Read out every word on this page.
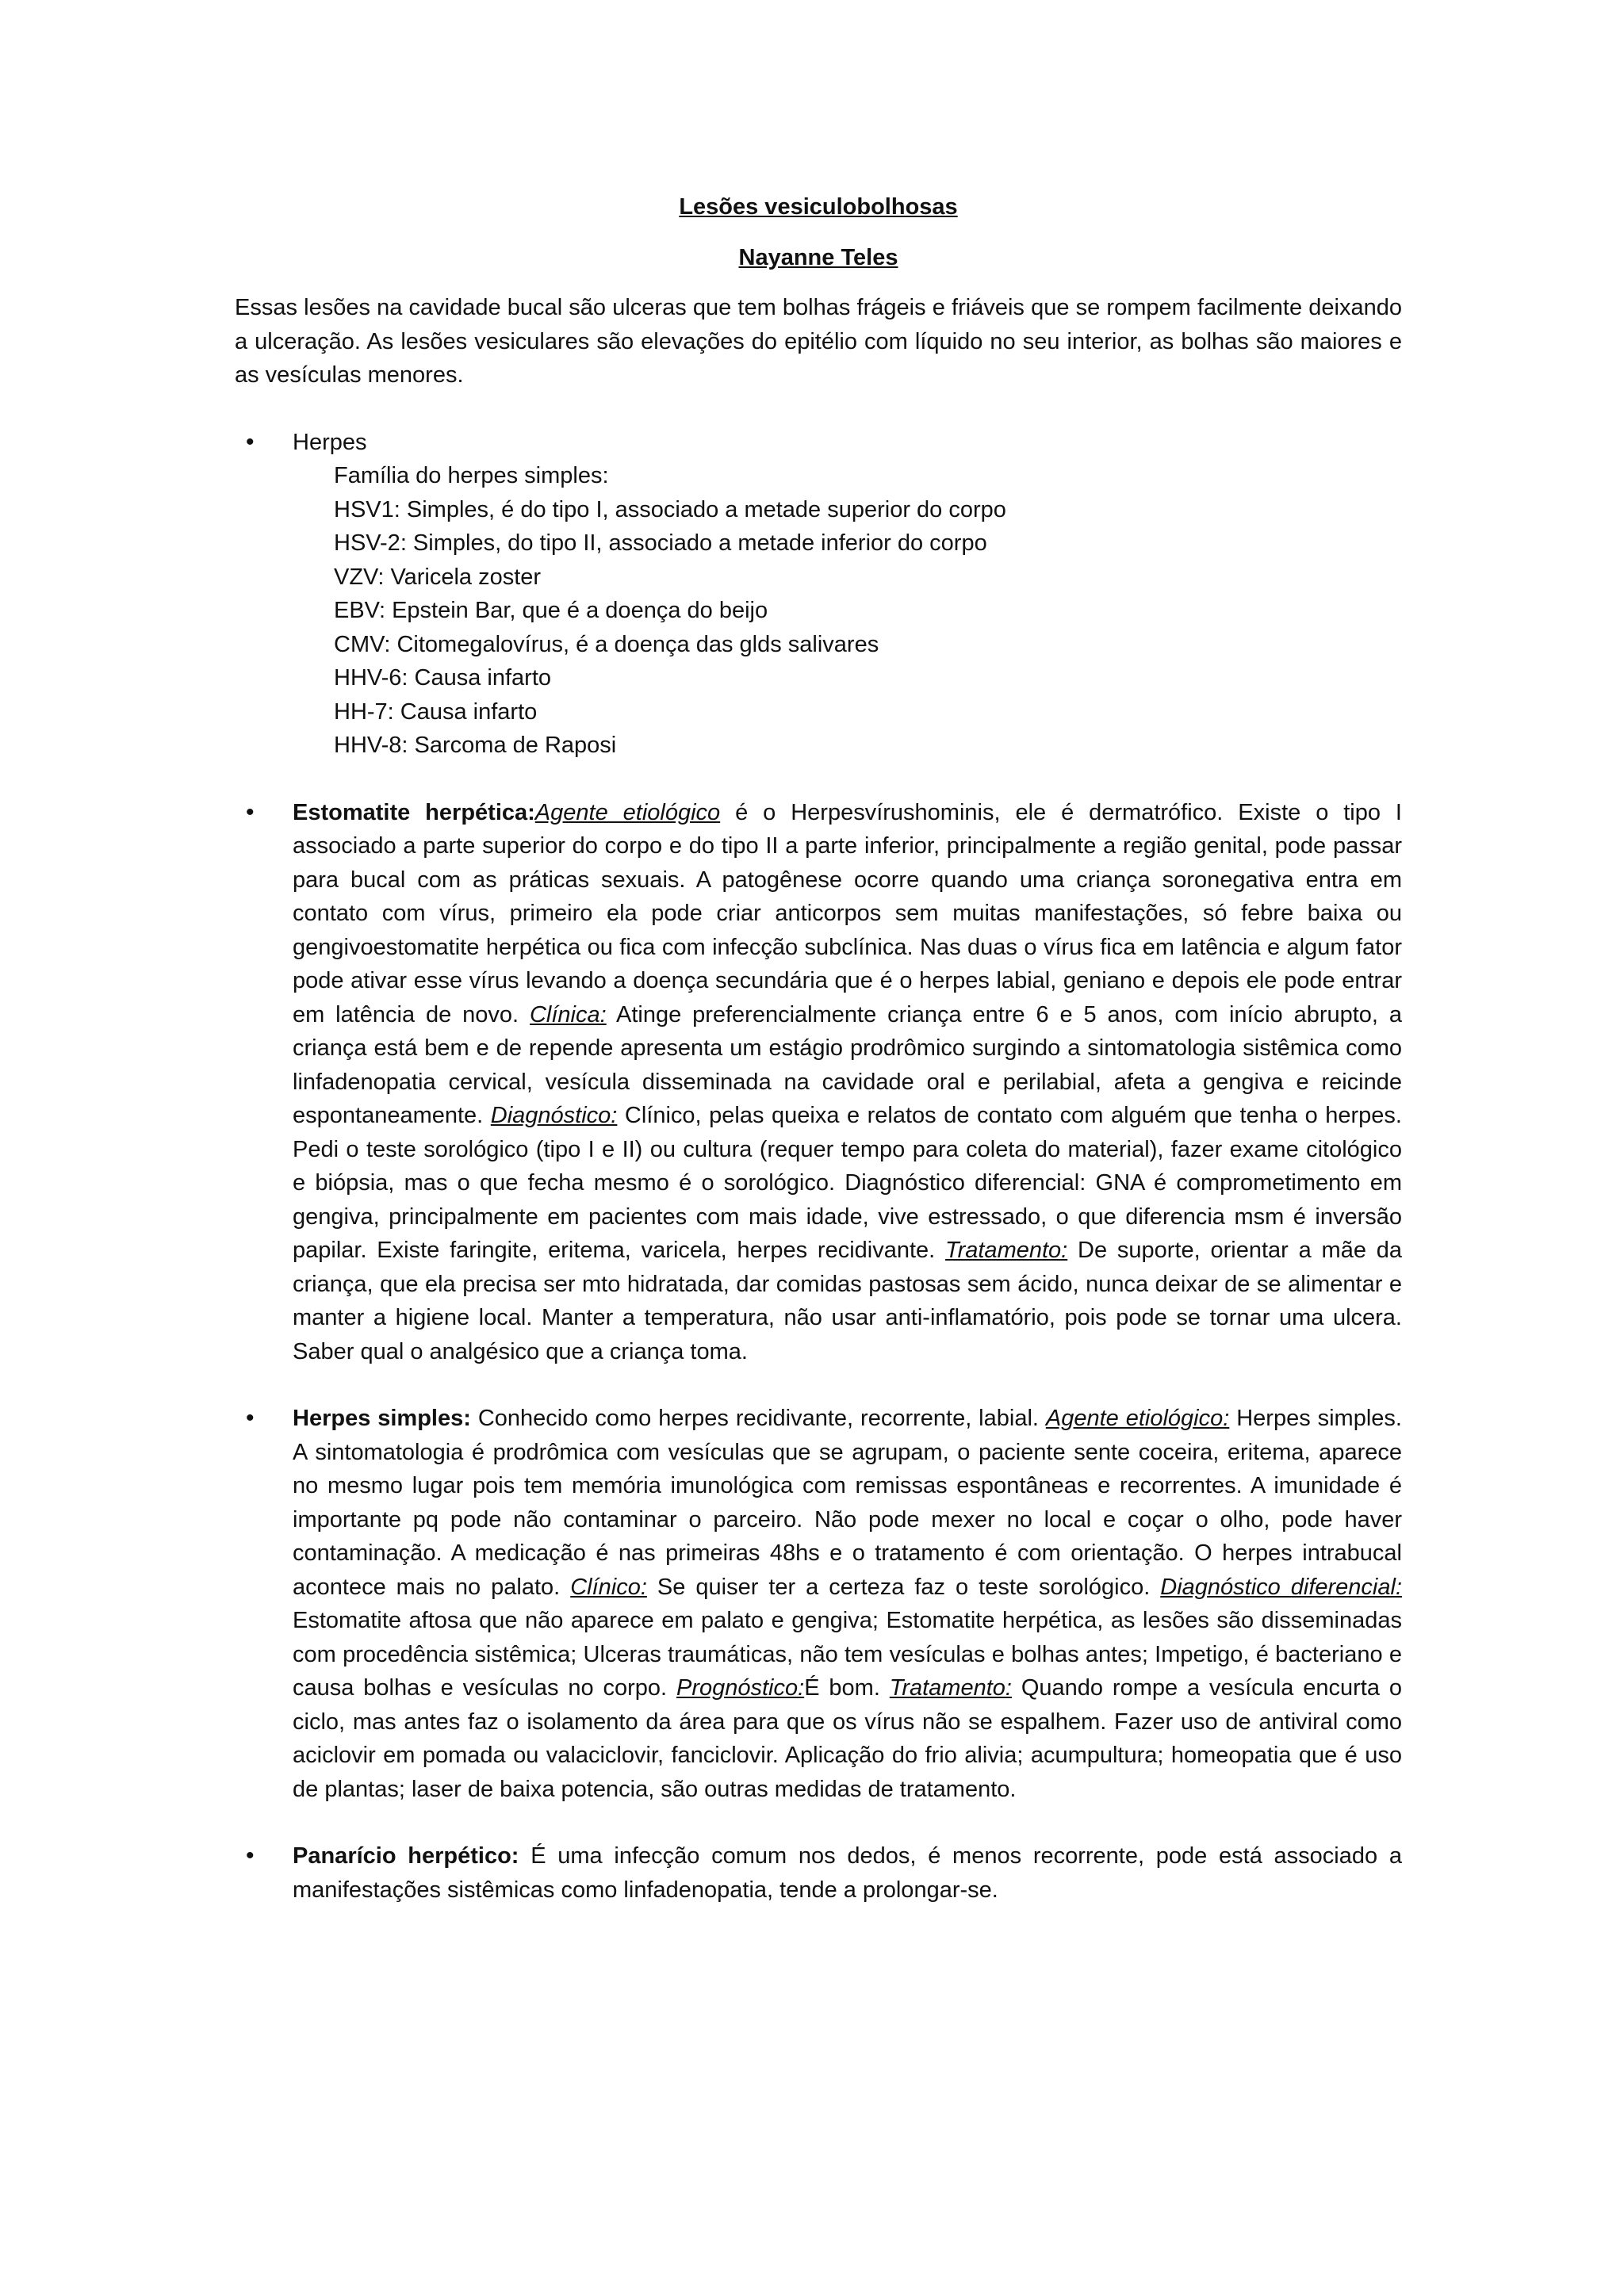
Lesões vesiculobolhosas

Nayanne Teles

Essas lesões na cavidade bucal são ulceras que tem bolhas frágeis e friáveis que se rompem facilmente deixando a ulceração. As lesões vesiculares são elevações do epitélio com líquido no seu interior, as bolhas são maiores e as vesículas menores.

• Herpes

Família do herpes simples:
HSV1: Simples, é do tipo I, associado a metade superior do corpo
HSV-2: Simples, do tipo II, associado a metade inferior do corpo
VZV: Varicela zoster
EBV: Epstein Bar, que é a doença do beijo
CMV: Citomegalovírus, é a doença das glds salivares
HHV-6: Causa infarto
HH-7: Causa infarto
HHV-8: Sarcoma de Raposi
• Estomatite herpética:Agente etiológico é o Herpesvírushominis, ele é dermatrófico. Existe o tipo I associado a parte superior do corpo e do tipo II a parte inferior, principalmente a região genital, pode passar para bucal com as práticas sexuais. A patogênese ocorre quando uma criança soronegativa entra em contato com vírus, primeiro ela pode criar anticorpos sem muitas manifestações, só febre baixa ou gengivoestomatite herpética ou fica com infecção subclínica. Nas duas o vírus fica em latência e algum fator pode ativar esse vírus levando a doença secundária que é o herpes labial, geniano e depois ele pode entrar em latência de novo. Clínica: Atinge preferencialmente criança entre 6 e 5 anos, com início abrupto, a criança está bem e de repende apresenta um estágio prodrômico surgindo a sintomatologia sistêmica como linfadenopatia cervical, vesícula disseminada na cavidade oral e perilabial, afeta a gengiva e reicinde espontaneamente. Diagnóstico: Clínico, pelas queixa e relatos de contato com alguém que tenha o herpes. Pedi o teste sorológico (tipo I e II) ou cultura (requer tempo para coleta do material), fazer exame citológico e biópsia, mas o que fecha mesmo é o sorológico. Diagnóstico diferencial: GNA é comprometimento em gengiva, principalmente em pacientes com mais idade, vive estressado, o que diferencia msm é inversão papilar. Existe faringite, eritema, varicela, herpes recidivante. Tratamento: De suporte, orientar a mãe da criança, que ela precisa ser mto hidratada, dar comidas pastosas sem ácido, nunca deixar de se alimentar e manter a higiene local. Manter a temperatura, não usar anti-inflamatório, pois pode se tornar uma ulcera. Saber qual o analgésico que a criança toma.

• Herpes simples: Conhecido como herpes recidivante, recorrente, labial. Agente etiológico: Herpes simples. A sintomatologia é prodrômica com vesículas que se agrupam, o paciente sente coceira, eritema, aparece no mesmo lugar pois tem memória imunológica com remissas espontâneas e recorrentes. A imunidade é importante pq pode não contaminar o parceiro. Não pode mexer no local e coçar o olho, pode haver contaminação. A medicação é nas primeiras 48hs e o tratamento é com orientação. O herpes intrabucal acontece mais no palato. Clínico: Se quiser ter a certeza faz o teste sorológico. Diagnóstico diferencial: Estomatite aftosa que não aparece em palato e gengiva; Estomatite herpética, as lesões são disseminadas com procedência sistêmica; Ulceras traumáticas, não tem vesículas e bolhas antes; Impetigo, é bacteriano e causa bolhas e vesículas no corpo. Prognóstico:É bom. Tratamento: Quando rompe a vesícula encurta o ciclo, mas antes faz o isolamento da área para que os vírus não se espalhem. Fazer uso de antiviral como aciclovir em pomada ou valaciclovir, fanciclovir. Aplicação do frio alivia; acumpultura; homeopatia que é uso de plantas; laser de baixa potencia, são outras medidas de tratamento.

• Panarício herpético: É uma infecção comum nos dedos, é menos recorrente, pode está associado a manifestações sistêmicas como linfadenopatia, tende a prolongar-se.
